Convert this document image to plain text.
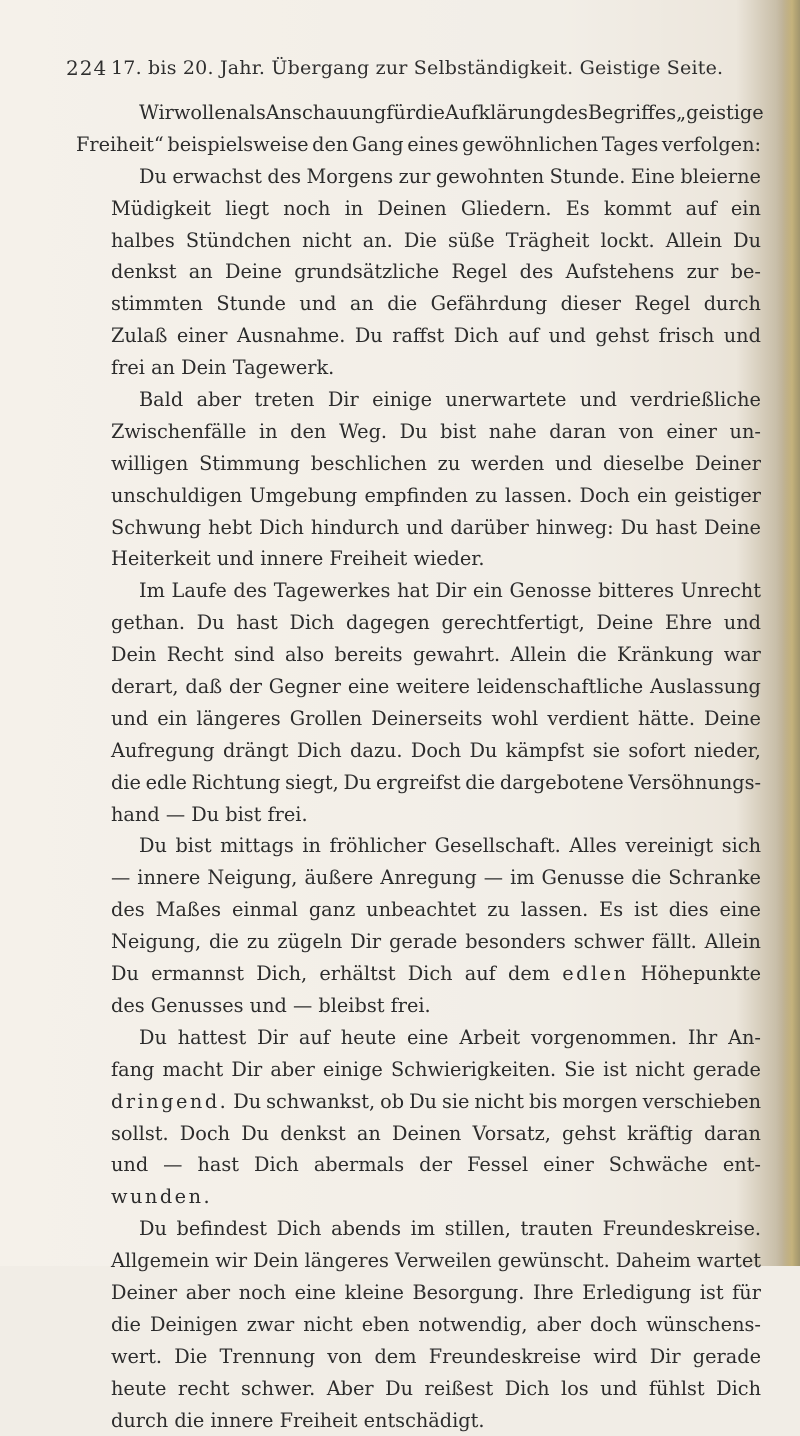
224 17. bis 20. Jahr. Übergang zur Selbständigkeit. Geistige Seite.
Wir wollen als Anschauung für die Aufklärung des Begriffes „geistige
Freiheit“ beispielsweise den Gang eines gewöhnlichen Tages verfolgen:
Du erwachst des Morgens zur gewohnten Stunde. Eine bleierne
Müdigkeit liegt noch in Deinen Gliedern. Es kommt auf ein
halbes Stündchen nicht an. Die süße Trägheit lockt. Allein Du
denkst an Deine grundsätzliche Regel des Aufstehens zur be-
stimmten Stunde und an die Gefährdung dieser Regel durch
Zulaß einer Ausnahme. Du raffst Dich auf und gehst frisch und
frei an Dein Tagewerk.
Bald aber treten Dir einige unerwartete und verdrießliche
Zwischenfälle in den Weg. Du bist nahe daran von einer un-
willigen Stimmung beschlichen zu werden und dieselbe Deiner
unschuldigen Umgebung empfinden zu lassen. Doch ein geistiger
Schwung hebt Dich hindurch und darüber hinweg: Du hast Deine
Heiterkeit und innere Freiheit wieder.
Im Laufe des Tagewerkes hat Dir ein Genosse bitteres Unrecht
gethan. Du hast Dich dagegen gerechtfertigt, Deine Ehre und
Dein Recht sind also bereits gewahrt. Allein die Kränkung war
derart, daß der Gegner eine weitere leidenschaftliche Auslassung
und ein längeres Grollen Deinerseits wohl verdient hätte. Deine
Aufregung drängt Dich dazu. Doch Du kämpfst sie sofort nieder,
die edle Richtung siegt, Du ergreifst die dargebotene Versöhnungs-
hand — Du bist frei.
Du bist mittags in fröhlicher Gesellschaft. Alles vereinigt sich
— innere Neigung, äußere Anregung — im Genusse die Schranke
des Maßes einmal ganz unbeachtet zu lassen. Es ist dies eine
Neigung, die zu zügeln Dir gerade besonders schwer fällt. Allein
Du ermannst Dich, erhältst Dich auf dem edlen Höhepunkte
des Genusses und — bleibst frei.
Du hattest Dir auf heute eine Arbeit vorgenommen. Ihr An-
fang macht Dir aber einige Schwierigkeiten. Sie ist nicht gerade
dringend. Du schwankst, ob Du sie nicht bis morgen verschieben
sollst. Doch Du denkst an Deinen Vorsatz, gehst kräftig daran
und — hast Dich abermals der Fessel einer Schwäche ent-
wunden.
Du befindest Dich abends im stillen, trauten Freundeskreise.
Allgemein wir Dein längeres Verweilen gewünscht. Daheim wartet
Deiner aber noch eine kleine Besorgung. Ihre Erledigung ist für
die Deinigen zwar nicht eben notwendig, aber doch wünschens-
wert. Die Trennung von dem Freundeskreise wird Dir gerade
heute recht schwer. Aber Du reißest Dich los und fühlst Dich
durch die innere Freiheit entschädigt.
